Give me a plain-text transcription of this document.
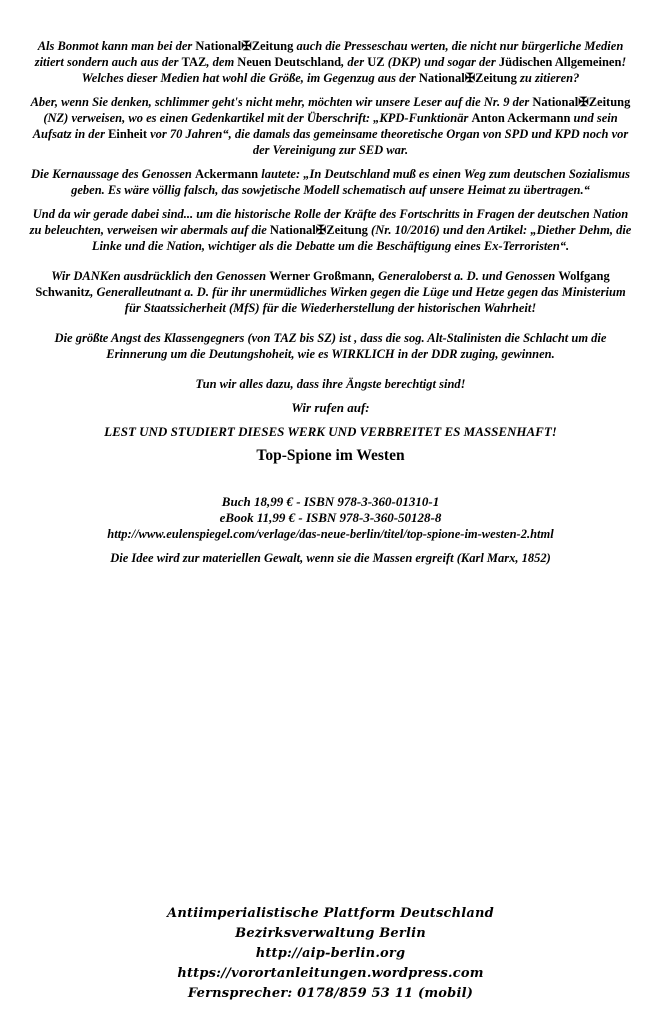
Als Bonmot kann man bei der National✠Zeitung auch die Presseschau werten, die nicht nur bürgerliche Medien zitiert sondern auch aus der TAZ, dem Neuen Deutschland, der UZ (DKP) und sogar der Jüdischen Allgemeinen! Welches dieser Medien hat wohl die Größe, im Gegenzug aus der National✠Zeitung zu zitieren?

Aber, wenn Sie denken, schlimmer geht's nicht mehr, möchten wir unsere Leser auf die Nr. 9 der National✠Zeitung (NZ) verweisen, wo es einen Gedenkartikel mit der Überschrift: „KPD-Funktionär Anton Ackermann und sein Aufsatz in der Einheit vor 70 Jahren“, die damals das gemeinsame theoretische Organ von SPD und KPD noch vor der Vereinigung zur SED war.

Die Kernaussage des Genossen Ackermann lautete: „In Deutschland muß es einen Weg zum deutschen Sozialismus geben. Es wäre völlig falsch, das sowjetische Modell schematisch auf unsere Heimat zu übertragen.“

Und da wir gerade dabei sind... um die historische Rolle der Kräfte des Fortschritts in Fragen der deutschen Nation zu beleuchten, verweisen wir abermals auf die National✠Zeitung (Nr. 10/2016) und den Artikel: „Diether Dehm, die Linke und die Nation, wichtiger als die Debatte um die Beschäftigung eines Ex-Terroristen“.

Wir DANKen ausdrücklich den Genossen Werner Großmann, Generaloberst a. D. und Genossen Wolfgang Schwanitz, Generalleutnant a. D. für ihr unermüdliches Wirken gegen die Lüge und Hetze gegen das Ministerium für Staatssicherheit (MfS) für die Wiederherstellung der historischen Wahrheit!

Die größte Angst des Klassengegners (von TAZ bis SZ) ist , dass die sog. Alt-Stalinisten die Schlacht um die Erinnerung um die Deutungshoheit, wie es WIRKLICH in der DDR zuging, gewinnen.

Tun wir alles dazu, dass ihre Ängste berechtigt sind!

Wir rufen auf:

LEST UND STUDIERT DIESES WERK UND VERBREITET ES MASSENHAFT!

Top-Spione im Westen

Buch 18,99 € - ISBN 978-3-360-01310-1
eBook 11,99 € - ISBN 978-3-360-50128-8

http://www.eulenspiegel.com/verlage/das-neue-berlin/titel/top-spione-im-westen-2.html

Die Idee wird zur materiellen Gewalt, wenn sie die Massen ergreift (Karl Marx, 1852)

Antiimperialistische Plattform Deutschland
Bezirksverwaltung Berlin
http://aip-berlin.org
https://vorortanleitungen.wordpress.com
Fernsprecher: 0178/859 53 11 (mobil)
